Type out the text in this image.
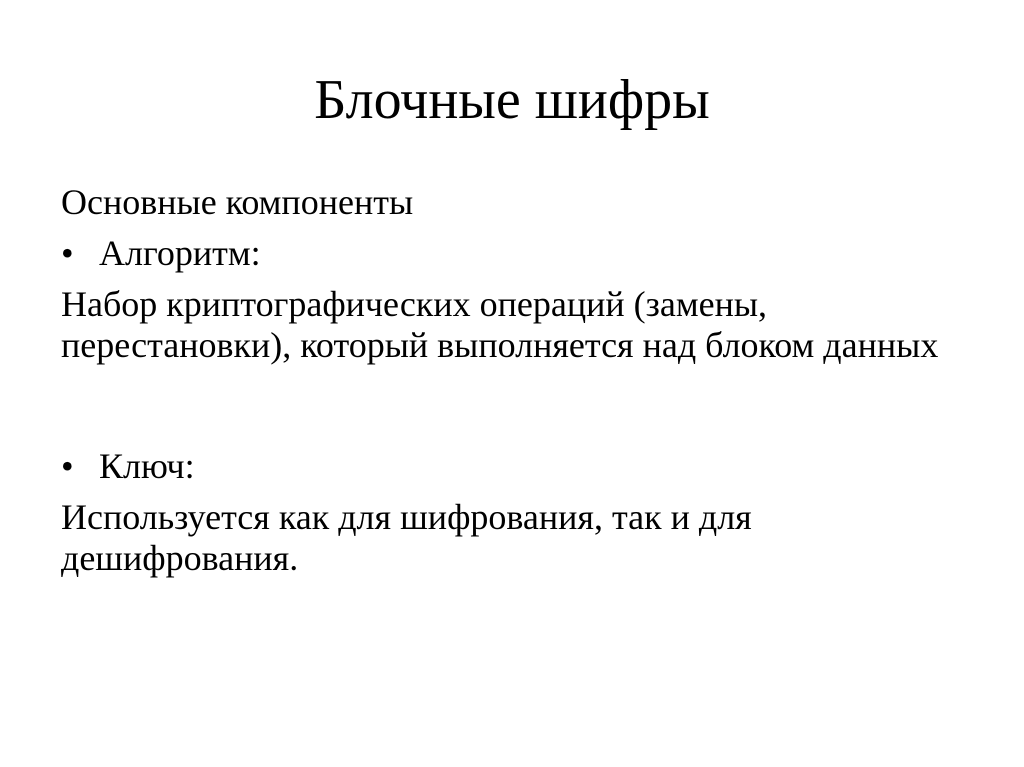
Блочные шифры

Основные компоненты

• Алгоритм:

Набор криптографических операций (замены, перестановки), который выполняется над блоком данных

• Ключ:

Используется как для шифрования, так и для дешифрования.
